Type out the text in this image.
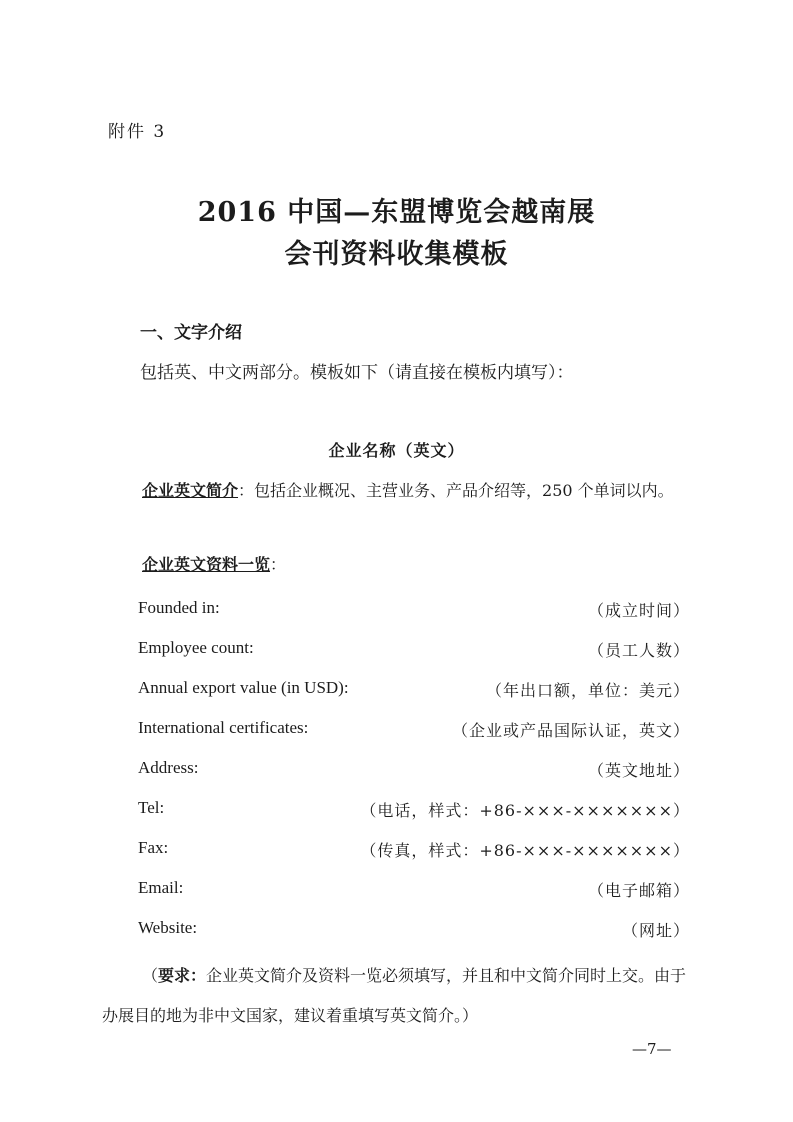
附件 3
2016 中国—东盟博览会越南展
会刊资料收集模板
一、文字介绍
包括英、中文两部分。模板如下（请直接在模板内填写）：
企业名称（英文）
企业英文简介：包括企业概况、主营业务、产品介绍等，250 个单词以内。
企业英文资料一览：
Founded in:	（成立时间）
Employee count:	（员工人数）
Annual export value (in USD):	（年出口额，单位：美元）
International certificates:	（企业或产品国际认证，英文）
Address:	（英文地址）
Tel:	（电话，样式：+86-×××-×××××××）
Fax:	（传真，样式：+86-×××-×××××××）
Email:	（电子邮箱）
Website:	（网址）
（要求：企业英文简介及资料一览必须填写，并且和中文简介同时上交。由于办展目的地为非中文国家，建议着重填写英文简介。）
—7—
